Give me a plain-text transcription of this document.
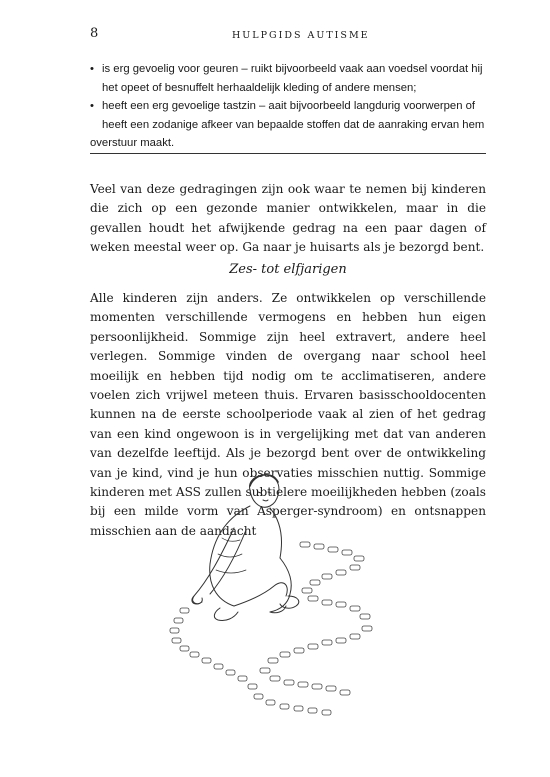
8	HULPGIDS AUTISME
• is erg gevoelig voor geuren – ruikt bijvoorbeeld vaak aan voedsel voordat hij het opeet of besnuffelt herhaaldelijk kleding of andere mensen;
• heeft een erg gevoelige tastzin – aait bijvoorbeeld langdurig voorwerpen of heeft een zodanige afkeer van bepaalde stoffen dat de aanraking ervan hem
overstuur maakt.

Veel van deze gedragingen zijn ook waar te nemen bij kinderen die zich op een gezonde manier ontwikkelen, maar in die gevallen houdt het afwijkende gedrag na een paar dagen of weken meestal weer op. Ga naar je huisarts als je bezorgd bent.

Zes- tot elfjarigen

Alle kinderen zijn anders. Ze ontwikkelen op verschillende momenten verschillende vermogens en hebben hun eigen persoonlijkheid. Sommige zijn heel extravert, andere heel verlegen. Sommige vinden de overgang naar school heel moeilijk en hebben tijd nodig om te acclimatiseren, andere voelen zich vrijwel meteen thuis. Ervaren basisschooldocenten kunnen na de eerste schoolperiode vaak al zien of het gedrag van een kind ongewoon is in vergelijking met dat van anderen van dezelfde leeftijd. Als je bezorgd bent over de ontwikkeling van je kind, vind je hun observaties misschien nuttig. Sommige kinderen met ASS zullen subtielere moeilijkheden hebben (zoals bij een milde vorm van Asperger-syndroom) en ontsnappen misschien aan de aandacht
